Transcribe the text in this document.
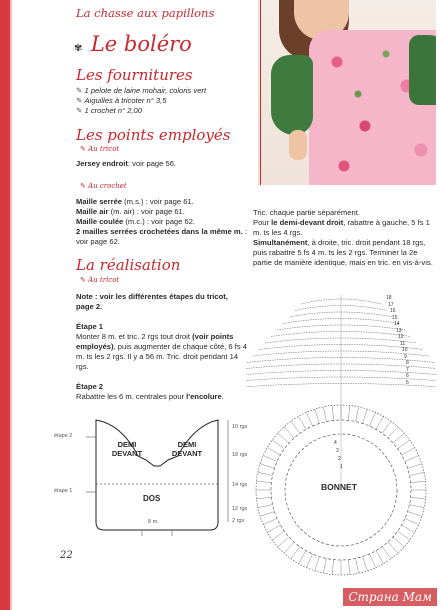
La chasse aux papillons
✾ Le boléro
Les fournitures
✎ 1 pelote de laine mohair, coloris vert
✎ Aiguilles à tricoter n° 3,5
✎ 1 crochet n° 2,00
Les points employés
✎ Au tricot
Jersey endroit: voir page 56.
✎ Au crochet
Maille serrée (m.s.) : voir page 61.
Maille air (m. air) : voir page 61.
Maille coulée (m.c.) : voir page 62.
2 mailles serrées crochetées dans la même m. : voir page 62.
La réalisation
✎ Au tricot
Note : voir les différentes étapes du tricot, page 2.
Étape 1
Monter 8 m. et tric. 2 rgs tout droit (voir points employés), puis augmenter de chaque côté, 6 fs 4 m. ts les 2 rgs. Il y a 56 m. Tric. droit pendant 14 rgs.
Étape 2
Rabattre les 6 m. centrales pour l'encolure.
Tric. chaque partie séparément.
Pour le demi-devant droit, rabattre à gauche, 5 fs 1 m. ts les 4 rgs.
Simultanément, à droite, tric. droit pendant 18 rgs, puis rabattre 5 fs 4 m. ts les 2 rgs. Terminer la 2e partie de manière identique, mais en tric. en vis-à-vis.
DEMI DEVANT
DEMI DEVANT
DOS
étape 2
étape 1
10 rgs
18 rgs
14 rgs
12 rgs
2 rgs
8 m.
BONNET
18
17
16
15
14
13
12
11
10
9
8
7
6
5
4
3
2
1
22
Страна Мам
